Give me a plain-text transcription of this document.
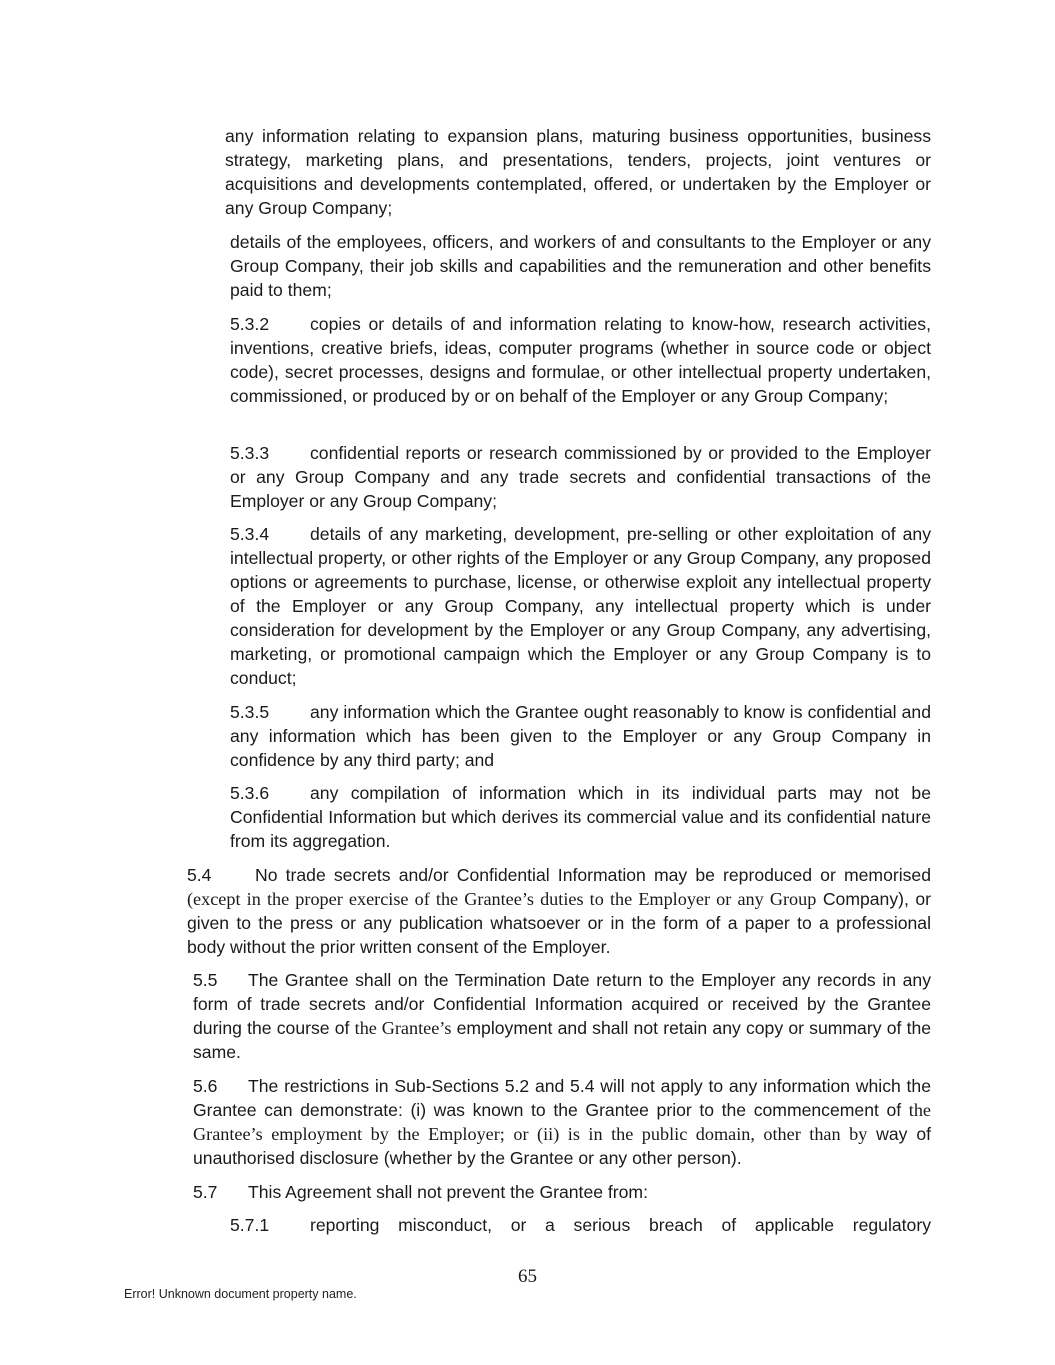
any information relating to expansion plans, maturing business opportunities, business strategy, marketing plans, and presentations, tenders, projects, joint ventures or acquisitions and developments contemplated, offered, or undertaken by the Employer or any Group Company;

details of the employees, officers, and workers of and consultants to the Employer or any Group Company, their job skills and capabilities and the remuneration and other benefits paid to them;

5.3.2 copies or details of and information relating to know-how, research activities, inventions, creative briefs, ideas, computer programs (whether in source code or object code), secret processes, designs and formulae, or other intellectual property undertaken, commissioned, or produced by or on behalf of the Employer or any Group Company;

5.3.3 confidential reports or research commissioned by or provided to the Employer or any Group Company and any trade secrets and confidential transactions of the Employer or any Group Company;

5.3.4 details of any marketing, development, pre-selling or other exploitation of any intellectual property, or other rights of the Employer or any Group Company, any proposed options or agreements to purchase, license, or otherwise exploit any intellectual property of the Employer or any Group Company, any intellectual property which is under consideration for development by the Employer or any Group Company, any advertising, marketing, or promotional campaign which the Employer or any Group Company is to conduct;

5.3.5 any information which the Grantee ought reasonably to know is confidential and any information which has been given to the Employer or any Group Company in confidence by any third party; and

5.3.6 any compilation of information which in its individual parts may not be Confidential Information but which derives its commercial value and its confidential nature from its aggregation.

5.4 No trade secrets and/or Confidential Information may be reproduced or memorised (except in the proper exercise of the Grantee’s duties to the Employer or any Group Company), or given to the press or any publication whatsoever or in the form of a paper to a professional body without the prior written consent of the Employer.

5.5 The Grantee shall on the Termination Date return to the Employer any records in any form of trade secrets and/or Confidential Information acquired or received by the Grantee during the course of the Grantee’s employment and shall not retain any copy or summary of the same.

5.6 The restrictions in Sub-Sections 5.2 and 5.4 will not apply to any information which the Grantee can demonstrate: (i) was known to the Grantee prior to the commencement of the Grantee’s employment by the Employer; or (ii) is in the public domain, other than by way of unauthorised disclosure (whether by the Grantee or any other person).

5.7 This Agreement shall not prevent the Grantee from:

5.7.1 reporting misconduct, or a serious breach of applicable regulatory

65
Error! Unknown document property name.
